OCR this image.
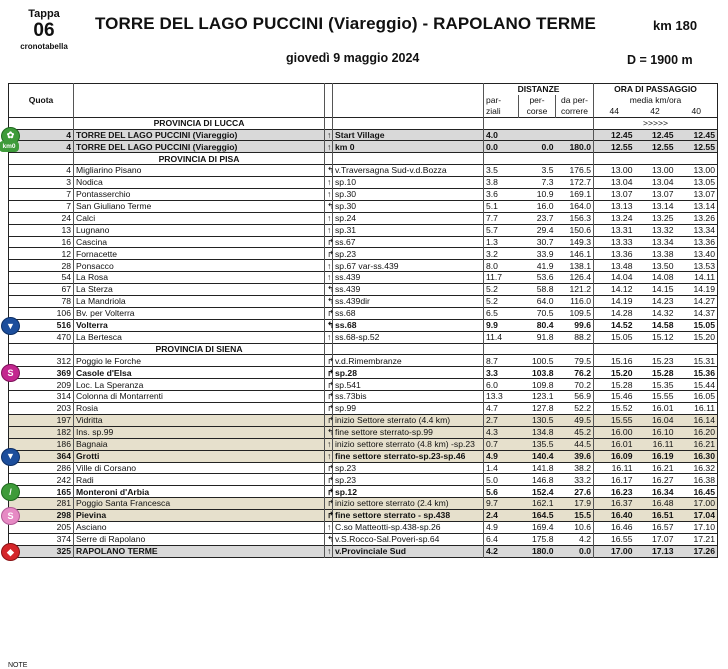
Tappa
06
cronotabella
TORRE DEL LAGO PUCCINI (Viareggio) - RAPOLANO TERME	km 180
giovedì 9 maggio 2024	D = 1900 m
				DISTANZE			ORA DI PASSAGGIO		
Quota				par-	per-	da per-	media km/ora		
				ziali	corse	correre	44	42	40
	PROVINCIA DI LUCCA						>>>>>		

✿ 4	TORRE DEL LAGO PUCCINI (Viareggio)	↑	Start Village	4.0			12.45	12.45	12.45

km0 4	TORRE DEL LAGO PUCCINI (Viareggio)	↑	km 0	0.0	0.0	180.0	12.55	12.55	12.55
	PROVINCIA DI PISA								
4	Migliarino Pisano	↰	v.Traversagna Sud-v.d.Bozza	3.5	3.5	176.5	13.00	13.00	13.00
3	Nodica	↑	sp.10	3.8	7.3	172.7	13.04	13.04	13.05
7	Pontasserchio	↑	sp.30	3.6	10.9	169.1	13.07	13.07	13.07
7	San Giuliano Terme	↰	sp.30	5.1	16.0	164.0	13.13	13.14	13.14
24	Calci	↑	sp.24	7.7	23.7	156.3	13.24	13.25	13.26
13	Lugnano	↑	sp.31	5.7	29.4	150.6	13.31	13.32	13.34
16	Cascina	↱	ss.67	1.3	30.7	149.3	13.33	13.34	13.36
12	Fornacette	↱	sp.23	3.2	33.9	146.1	13.36	13.38	13.40
28	Ponsacco	↑	sp.67 var-ss.439	8.0	41.9	138.1	13.48	13.50	13.53
54	La Rosa	↑	ss.439	11.7	53.6	126.4	14.04	14.08	14.11
67	La Sterza	↰	ss.439	5.2	58.8	121.2	14.12	14.15	14.19
78	La Mandriola	↰	ss.439dir	5.2	64.0	116.0	14.19	14.23	14.27
106	Bv. per Volterra	↱	ss.68	6.5	70.5	109.5	14.28	14.32	14.37

▼ 516	Volterra	↰	ss.68	9.9	80.4	99.6	14.52	14.58	15.05
470	La Bertesca	↑	ss.68-sp.52	11.4	91.8	88.2	15.05	15.12	15.20
	PROVINCIA DI SIENA								
312	Poggio le Forche	↱	v.d.Rimembranze	8.7	100.5	79.5	15.16	15.23	15.31

S 369	Casole d'Elsa	↱	sp.28	3.3	103.8	76.2	15.20	15.28	15.36
209	Loc. La Speranza	↱	sp.541	6.0	109.8	70.2	15.28	15.35	15.44
314	Colonna di Montarrenti	↱	ss.73bis	13.3	123.1	56.9	15.46	15.55	16.05
203	Rosia	↱	sp.99	4.7	127.8	52.2	15.52	16.01	16.11
197	Vidritta	↱	inizio Settore sterrato (4.4 km)	2.7	130.5	49.5	15.55	16.04	16.14
182	Ins. sp.99	↰	fine settore sterrato-sp.99	4.3	134.8	45.2	16.00	16.10	16.20
186	Bagnaia	↑	inizio settore sterrato (4.8 km) -sp.23	0.7	135.5	44.5	16.01	16.11	16.21

▼ 364	Grotti	↑	fine settore sterrato-sp.23-sp.46	4.9	140.4	39.6	16.09	16.19	16.30
286	Ville di Corsano	↱	sp.23	1.4	141.8	38.2	16.11	16.21	16.32
242	Radi	↱	sp.23	5.0	146.8	33.2	16.17	16.27	16.38

/ 165	Monteroni d'Arbia	↱	sp.12	5.6	152.4	27.6	16.23	16.34	16.45
281	Poggio Santa Francesca	↱	inizio settore sterrato (2.4 km)	9.7	162.1	17.9	16.37	16.48	17.00

S 298	Pievina	↱	fine settore sterrato - sp.438	2.4	164.5	15.5	16.40	16.51	17.04
205	Asciano	↑	C.so Matteotti-sp.438-sp.26	4.9	169.4	10.6	16.46	16.57	17.10
374	Serre di Rapolano	↰	v.S.Rocco-Sal.Poveri-sp.64	6.4	175.8	4.2	16.55	17.07	17.21

◆ 325	RAPOLANO TERME	↑	v.Provinciale Sud	4.2	180.0	0.0	17.00	17.13	17.26
NOTE
